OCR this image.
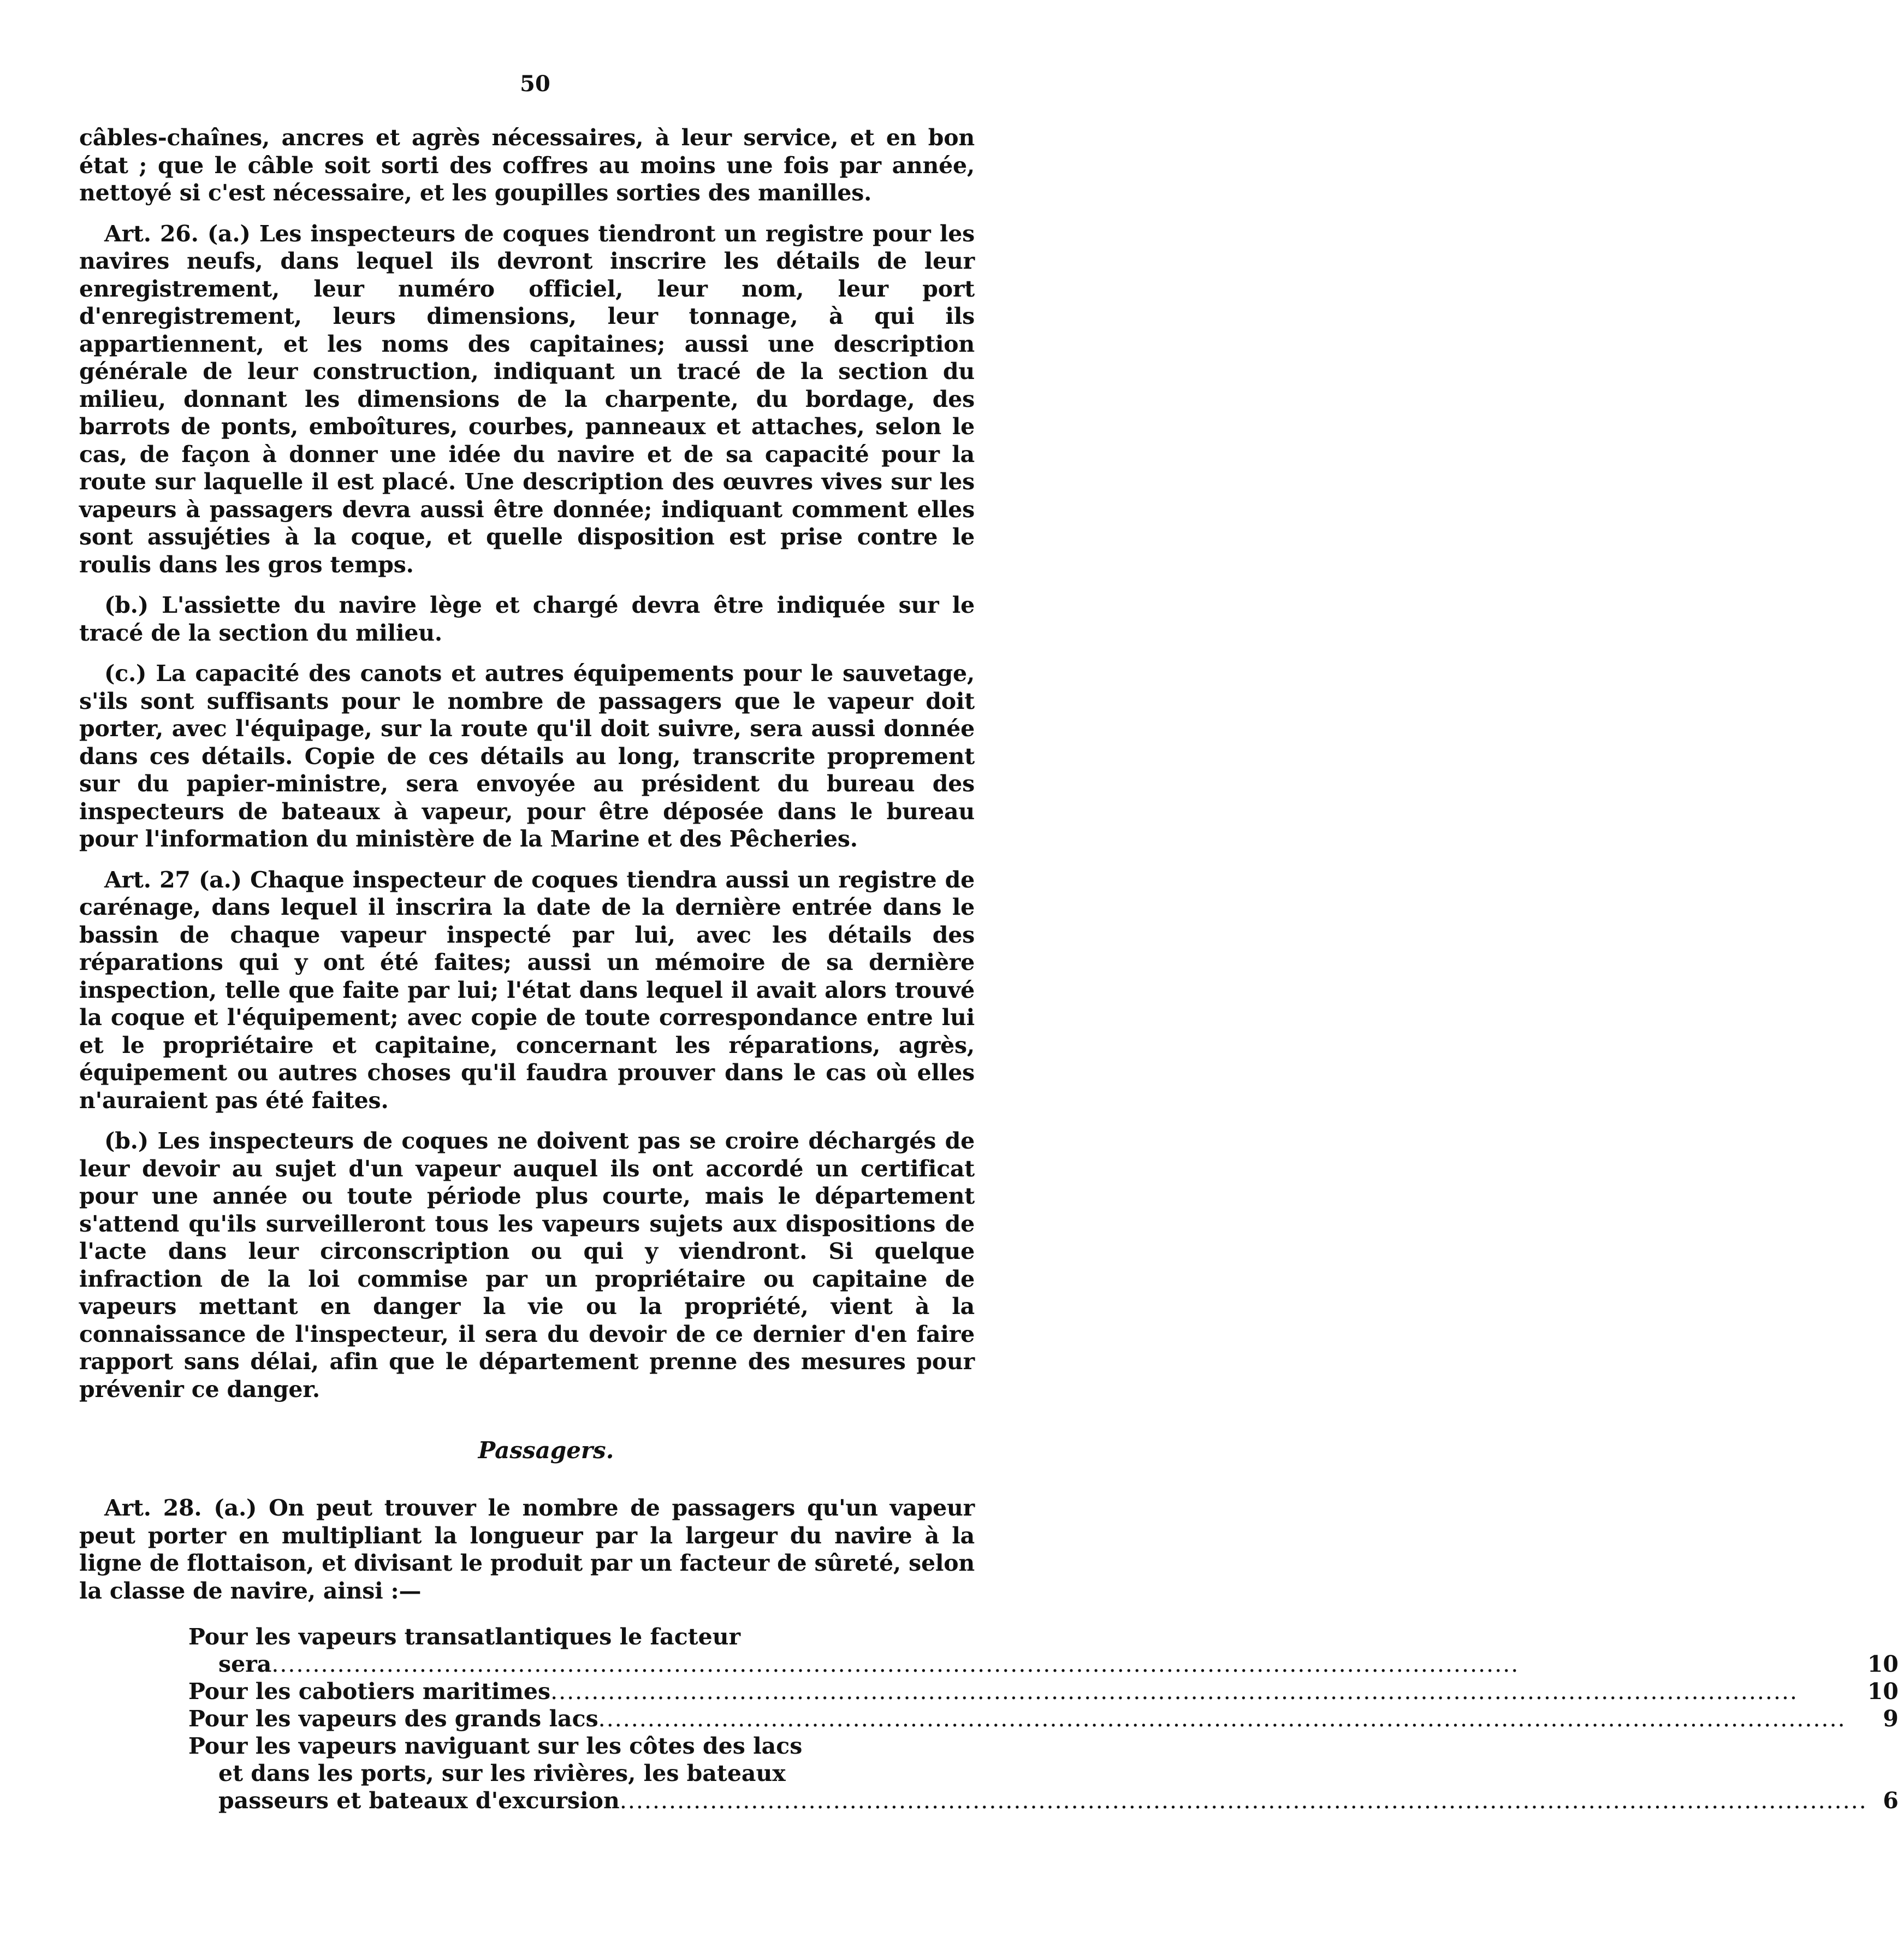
50

câbles-chaînes, ancres et agrès nécessaires, à leur service, et en bon état ; que le câble soit sorti des coffres au moins une fois par année, nettoyé si c'est nécessaire, et les goupilles sorties des manilles.

Art. 26. (a.) Les inspecteurs de coques tiendront un registre pour les navires neufs, dans lequel ils devront inscrire les détails de leur enregistrement, leur numéro officiel, leur nom, leur port d'enregistrement, leurs dimensions, leur tonnage, à qui ils appartiennent, et les noms des capitaines; aussi une description générale de leur construction, indiquant un tracé de la section du milieu, donnant les dimensions de la charpente, du bordage, des barrots de ponts, emboîtures, courbes, panneaux et attaches, selon le cas, de façon à donner une idée du navire et de sa capacité pour la route sur laquelle il est placé. Une description des œuvres vives sur les vapeurs à passagers devra aussi être donnée; indiquant comment elles sont assujéties à la coque, et quelle disposition est prise contre le roulis dans les gros temps.

(b.) L'assiette du navire lège et chargé devra être indiquée sur le tracé de la section du milieu.

(c.) La capacité des canots et autres équipements pour le sauvetage, s'ils sont suffisants pour le nombre de passagers que le vapeur doit porter, avec l'équipage, sur la route qu'il doit suivre, sera aussi donnée dans ces détails. Copie de ces détails au long, transcrite proprement sur du papier-ministre, sera envoyée au président du bureau des inspecteurs de bateaux à vapeur, pour être déposée dans le bureau pour l'information du ministère de la Marine et des Pêcheries.

Art. 27 (a.) Chaque inspecteur de coques tiendra aussi un registre de carénage, dans lequel il inscrira la date de la dernière entrée dans le bassin de chaque vapeur inspecté par lui, avec les détails des réparations qui y ont été faites; aussi un mémoire de sa dernière inspection, telle que faite par lui; l'état dans lequel il avait alors trouvé la coque et l'équipement; avec copie de toute correspondance entre lui et le propriétaire et capitaine, concernant les réparations, agrès, équipement ou autres choses qu'il faudra prouver dans le cas où elles n'auraient pas été faites.

(b.) Les inspecteurs de coques ne doivent pas se croire déchargés de leur devoir au sujet d'un vapeur auquel ils ont accordé un certificat pour une année ou toute période plus courte, mais le département s'attend qu'ils surveilleront tous les vapeurs sujets aux dispositions de l'acte dans leur circonscription ou qui y viendront. Si quelque infraction de la loi commise par un propriétaire ou capitaine de vapeurs mettant en danger la vie ou la propriété, vient à la connaissance de l'inspecteur, il sera du devoir de ce dernier d'en faire rapport sans délai, afin que le département prenne des mesures pour prévenir ce danger.

Passagers.

Art. 28. (a.) On peut trouver le nombre de passagers qu'un vapeur peut porter en multipliant la longueur par la largeur du navire à la ligne de flottaison, et divisant le produit par un facteur de sûreté, selon la classe de navire, ainsi :—

Pour les vapeurs transatlantiques le facteur
sera
.....	10

Pour les cabotiers maritimes
.....	10

Pour les vapeurs des grands lacs
.....	9

Pour les vapeurs naviguant sur les côtes des lacs
et dans les ports, sur les rivières, les bateaux
passeurs et bateaux d'excursion
.....	6
